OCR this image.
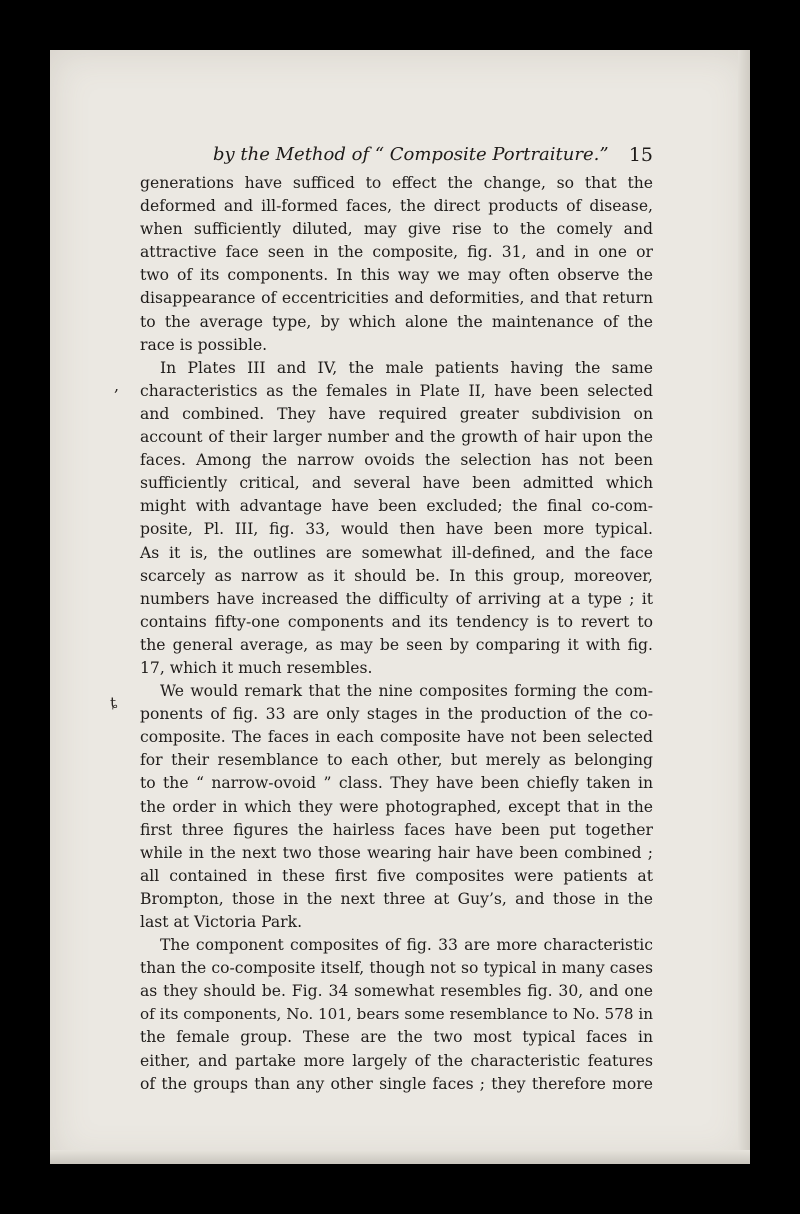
by the Method of “ Composite Portraiture.” 15
generations have sufficed to effect the change, so that the
deformed and ill-formed faces, the direct products of disease,
when sufficiently diluted, may give rise to the comely and
attractive face seen in the composite, fig. 31, and in one or
two of its components. In this way we may often observe the
disappearance of eccentricities and deformities, and that return
to the average type, by which alone the maintenance of the
race is possible.
In Plates III and IV, the male patients having the same
characteristics as the females in Plate II, have been selected
and combined. They have required greater subdivision on
account of their larger number and the growth of hair upon the
faces. Among the narrow ovoids the selection has not been
sufficiently critical, and several have been admitted which
might with advantage have been excluded; the final co-com-
posite, Pl. III, fig. 33, would then have been more typical.
As it is, the outlines are somewhat ill-defined, and the face
scarcely as narrow as it should be. In this group, moreover,
numbers have increased the difficulty of arriving at a type ; it
contains fifty-one components and its tendency is to revert to
the general average, as may be seen by comparing it with fig.
17, which it much resembles.
We would remark that the nine composites forming the com-
ponents of fig. 33 are only stages in the production of the co-
composite. The faces in each composite have not been selected
for their resemblance to each other, but merely as belonging
to the “ narrow-ovoid ” class. They have been chiefly taken in
the order in which they were photographed, except that in the
first three figures the hairless faces have been put together
while in the next two those wearing hair have been combined ;
all contained in these first five composites were patients at
Brompton, those in the next three at Guy’s, and those in the
last at Victoria Park.
The component composites of fig. 33 are more characteristic
than the co-composite itself, though not so typical in many cases
as they should be. Fig. 34 somewhat resembles fig. 30, and one
of its components, No. 101, bears some resemblance to No. 578 in
the female group. These are the two most typical faces in
either, and partake more largely of the characteristic features
of the groups than any other single faces ; they therefore more
,
ȶ
